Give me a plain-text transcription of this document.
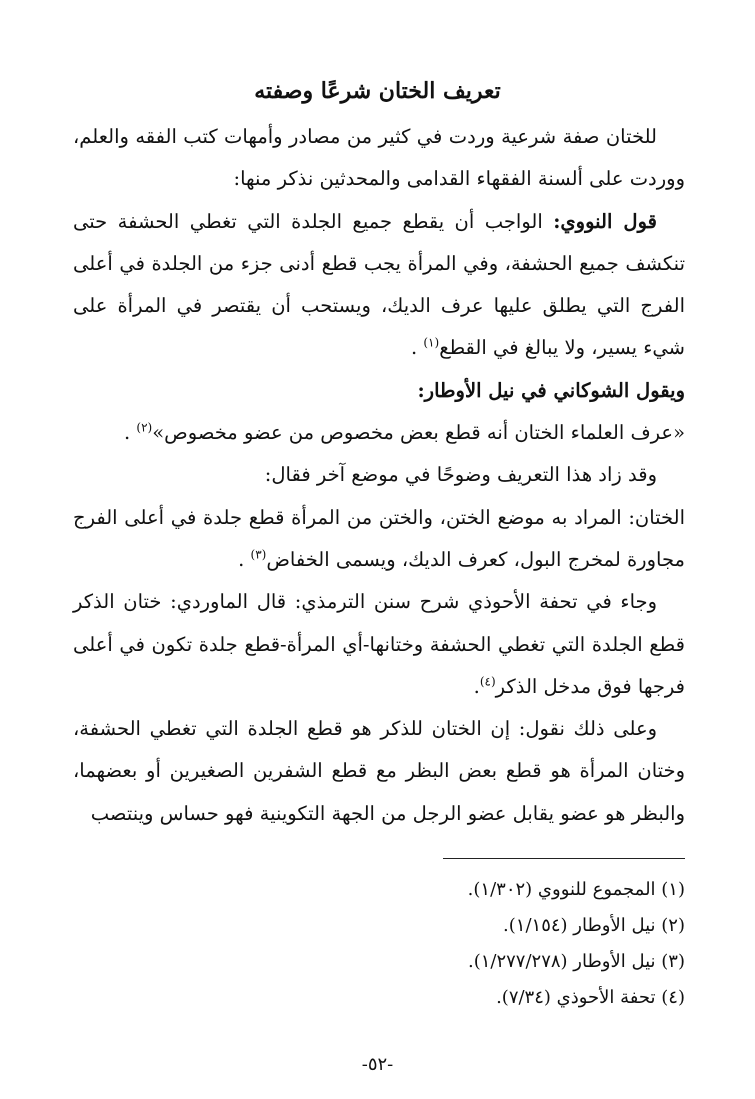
تعريف الختان شرعًا وصفته

للختان صفة شرعية وردت في كثير من مصادر وأمهات كتب الفقه والعلم، ووردت على ألسنة الفقهاء القدامى والمحدثين نذكر منها:

قول النووي: الواجب أن يقطع جميع الجلدة التي تغطي الحشفة حتى تنكشف جميع الحشفة، وفي المرأة يجب قطع أدنى جزء من الجلدة في أعلى الفرج التي يطلق عليها عرف الديك، ويستحب أن يقتصر في المرأة على شيء يسير، ولا يبالغ في القطع$^{(١)}$ .

ويقول الشوكاني في نيل الأوطار:

«عرف العلماء الختان أنه قطع بعض مخصوص من عضو مخصوص»$^{(٢)}$ .

وقد زاد هذا التعريف وضوحًا في موضع آخر فقال:

الختان: المراد به موضع الختن، والختن من المرأة قطع جلدة في أعلى الفرج مجاورة لمخرج البول، كعرف الديك، ويسمى الخفاض$^{(٣)}$ .

وجاء في تحفة الأحوذي شرح سنن الترمذي: قال الماوردي: ختان الذكر قطع الجلدة التي تغطي الحشفة وختانها-أي المرأة-قطع جلدة تكون في أعلى فرجها فوق مدخل الذكر$^{(٤)}$.

وعلى ذلك نقول: إن الختان للذكر هو قطع الجلدة التي تغطي الحشفة، وختان المرأة هو قطع بعض البظر مع قطع الشفرين الصغيرين أو بعضهما، والبظر هو عضو يقابل عضو الرجل من الجهة التكوينية فهو حساس وينتصب

(١) المجموع للنووي (١/٣٠٢).
(٢) نيل الأوطار (١/١٥٤).
(٣) نيل الأوطار (١/٢٧٧/٢٧٨).
(٤) تحفة الأحوذي (٧/٣٤).
-٥٢-
